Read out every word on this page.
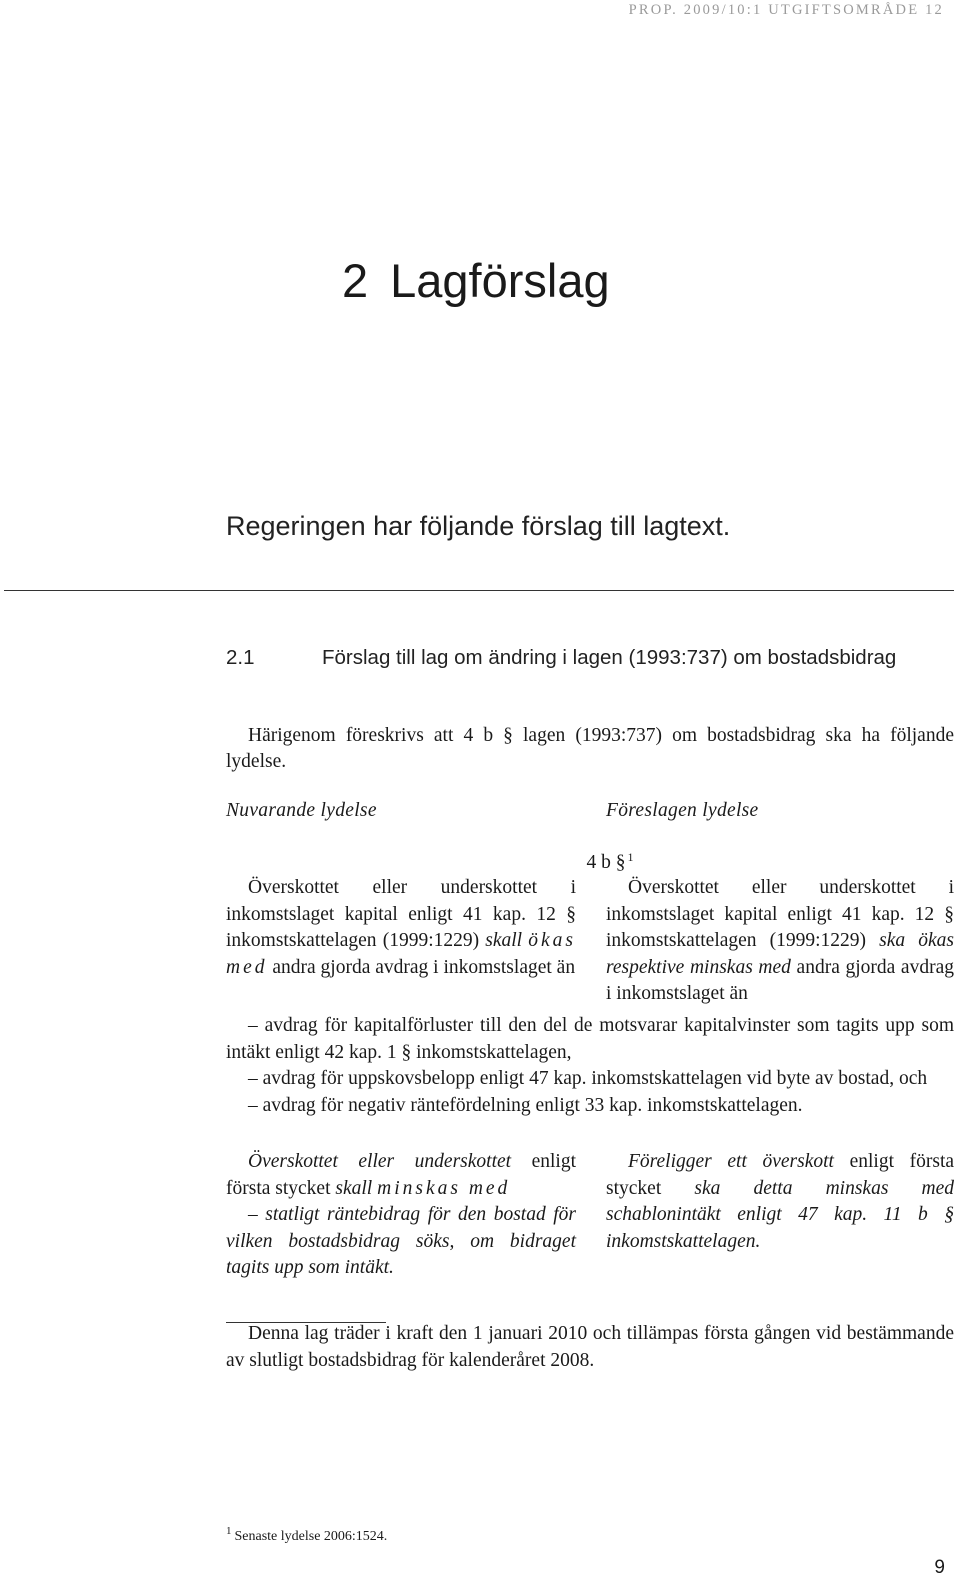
PROP. 2009/10:1 UTGIFTSOMRÅDE 12
2 Lagförslag
Regeringen har följande förslag till lagtext.
2.1	Förslag till lag om ändring i lagen (1993:737) om bostadsbidrag
Härigenom föreskrivs att 4 b § lagen (1993:737) om bostadsbidrag ska ha följande lydelse.
Nuvarande lydelse	Föreslagen lydelse
4 b § $^1$

Överskottet eller underskottet i inkomstslaget kapital enligt 41 kap. 12 § inkomstskattelagen (1999:1229) skall ökas med andra gjorda avdrag i inkomstslaget än

Överskottet eller underskottet i inkomstslaget kapital enligt 41 kap. 12 § inkomstskattelagen (1999:1229) ska ökas respektive minskas med andra gjorda avdrag i inkomstslaget än

– avdrag för kapitalförluster till den del de motsvarar kapitalvinster som tagits upp som intäkt enligt 42 kap. 1 § inkomstskattelagen,

– avdrag för uppskovsbelopp enligt 47 kap. inkomstskattelagen vid byte av bostad, och

– avdrag för negativ räntefördelning enligt 33 kap. inkomstskattelagen.

Överskottet eller underskottet enligt första stycket skall minskas med

– statligt räntebidrag för den bostad för vilken bostadsbidrag söks, om bidraget tagits upp som intäkt.

Föreligger ett överskott enligt första stycket ska detta minskas med schablonintäkt enligt 47 kap. 11 b § inkomstskattelagen.

Denna lag träder i kraft den 1 januari 2010 och tillämpas första gången vid bestämmande av slutligt bostadsbidrag för kalenderåret 2008.

$^1$ Senaste lydelse 2006:1524.
9
